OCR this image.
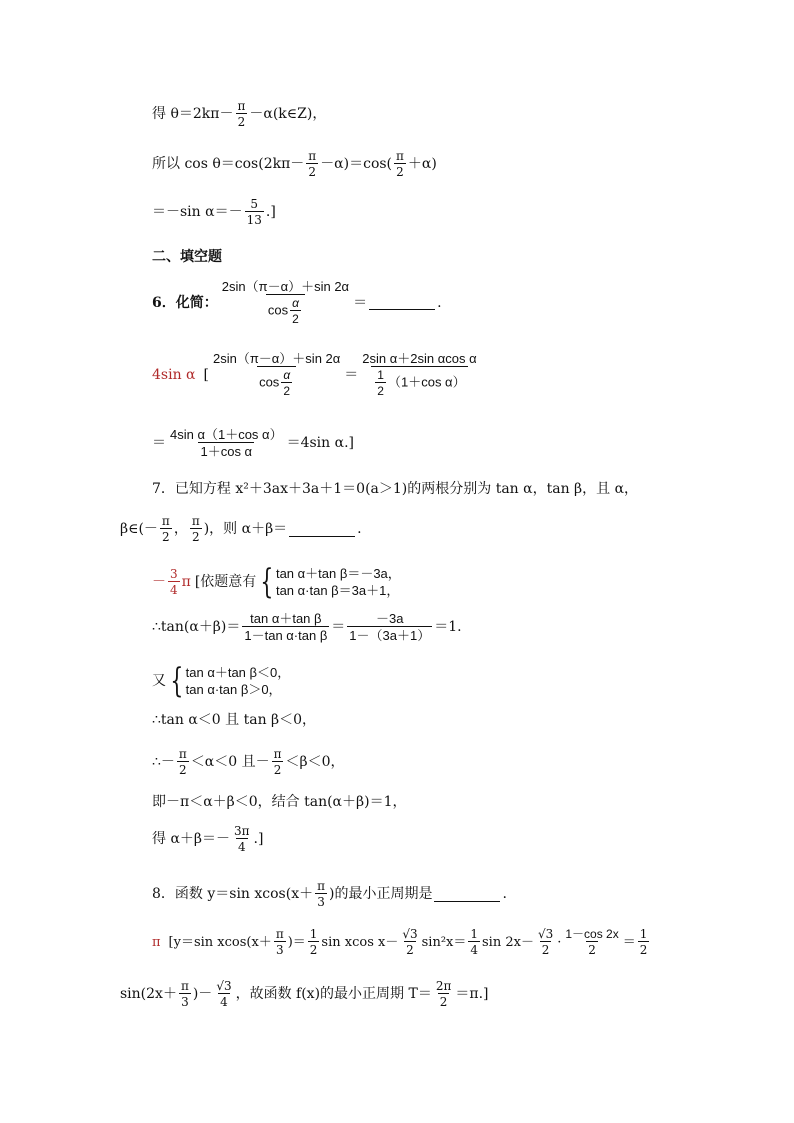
得 $\theta=2k\pi- \frac{\pi}{2}$ －α(k∈Z)，
所以 $\cos \theta=\cos(2k\pi- \frac{\pi}{2} -\alpha)=\cos( \frac{\pi}{2} +\alpha)$
＝－sin $\alpha=- \frac{5}{13}$ .]
二、填空题
6．化简： $\frac{2\sin(\pi-\alpha)+\sin 2\alpha}{\cos \frac{\alpha}{2}}$ ＝	.
4sin α [ $\frac{2\sin(\pi-\alpha)+\sin 2\alpha}{\cos \frac{\alpha}{2}} = \frac{\text{2sin α＋2sin αcos α}}{\frac{1}{2} (1+\cos \alpha)}$
＝ $\frac{\text{4sin α（1＋cos α）}}{\text{1＋cos α}} =4\sin$ α.]
7．已知方程 x²＋3ax＋3a＋1＝0(a＞1)的两根分别为 tan α，tan β，且 α，
β∈(－ $\frac{\pi}{2}$ ， $\frac{\pi}{2}$ )，则 α＋β＝	.
－ $\frac{3}{4}$ π [依题意有 { tan α＋tan β＝－3a，
tan α·tan β＝3a＋1，
∴tan(α＋β)＝ $\frac{\text{tan α＋tan β}}{\text{1－tan α·tan β}} = \frac{-3a}{1-(3a+1)} =1$.
又 { tan α＋tan β＜0，
tan α·tan β＞0，
∴tan α＜0 且 tan β＜0，
∴－ $\frac{\pi}{2} <\alpha<0$ 且－ $\frac{\pi}{2} <\beta<0$，
即－π＜α＋β＜0，结合 tan(α＋β)＝1，
得 $\alpha+\beta=- \frac{3\pi}{4}$ .]
8．函数 y＝sin $xcos(x+ \frac{\pi}{3}$ )的最小正周期是	.
π [y＝sin $xcos(x+ \frac{\pi}{3}$ )＝ $\frac{1}{2}$ sin xcos $x- \frac{√3}{2} \sin^2x= \frac{1}{4}$ $\sin 2x- \frac{√3}{2} \cdot \frac{1-\cos 2x}{2} = \frac{1}{2}$
$\sin(2x+ \frac{\pi}{3}$ )－ $\frac{√3}{4}$ ，故函数 f(x)的最小正周期 $T= \frac{2\pi}{2} =\pi$.]
